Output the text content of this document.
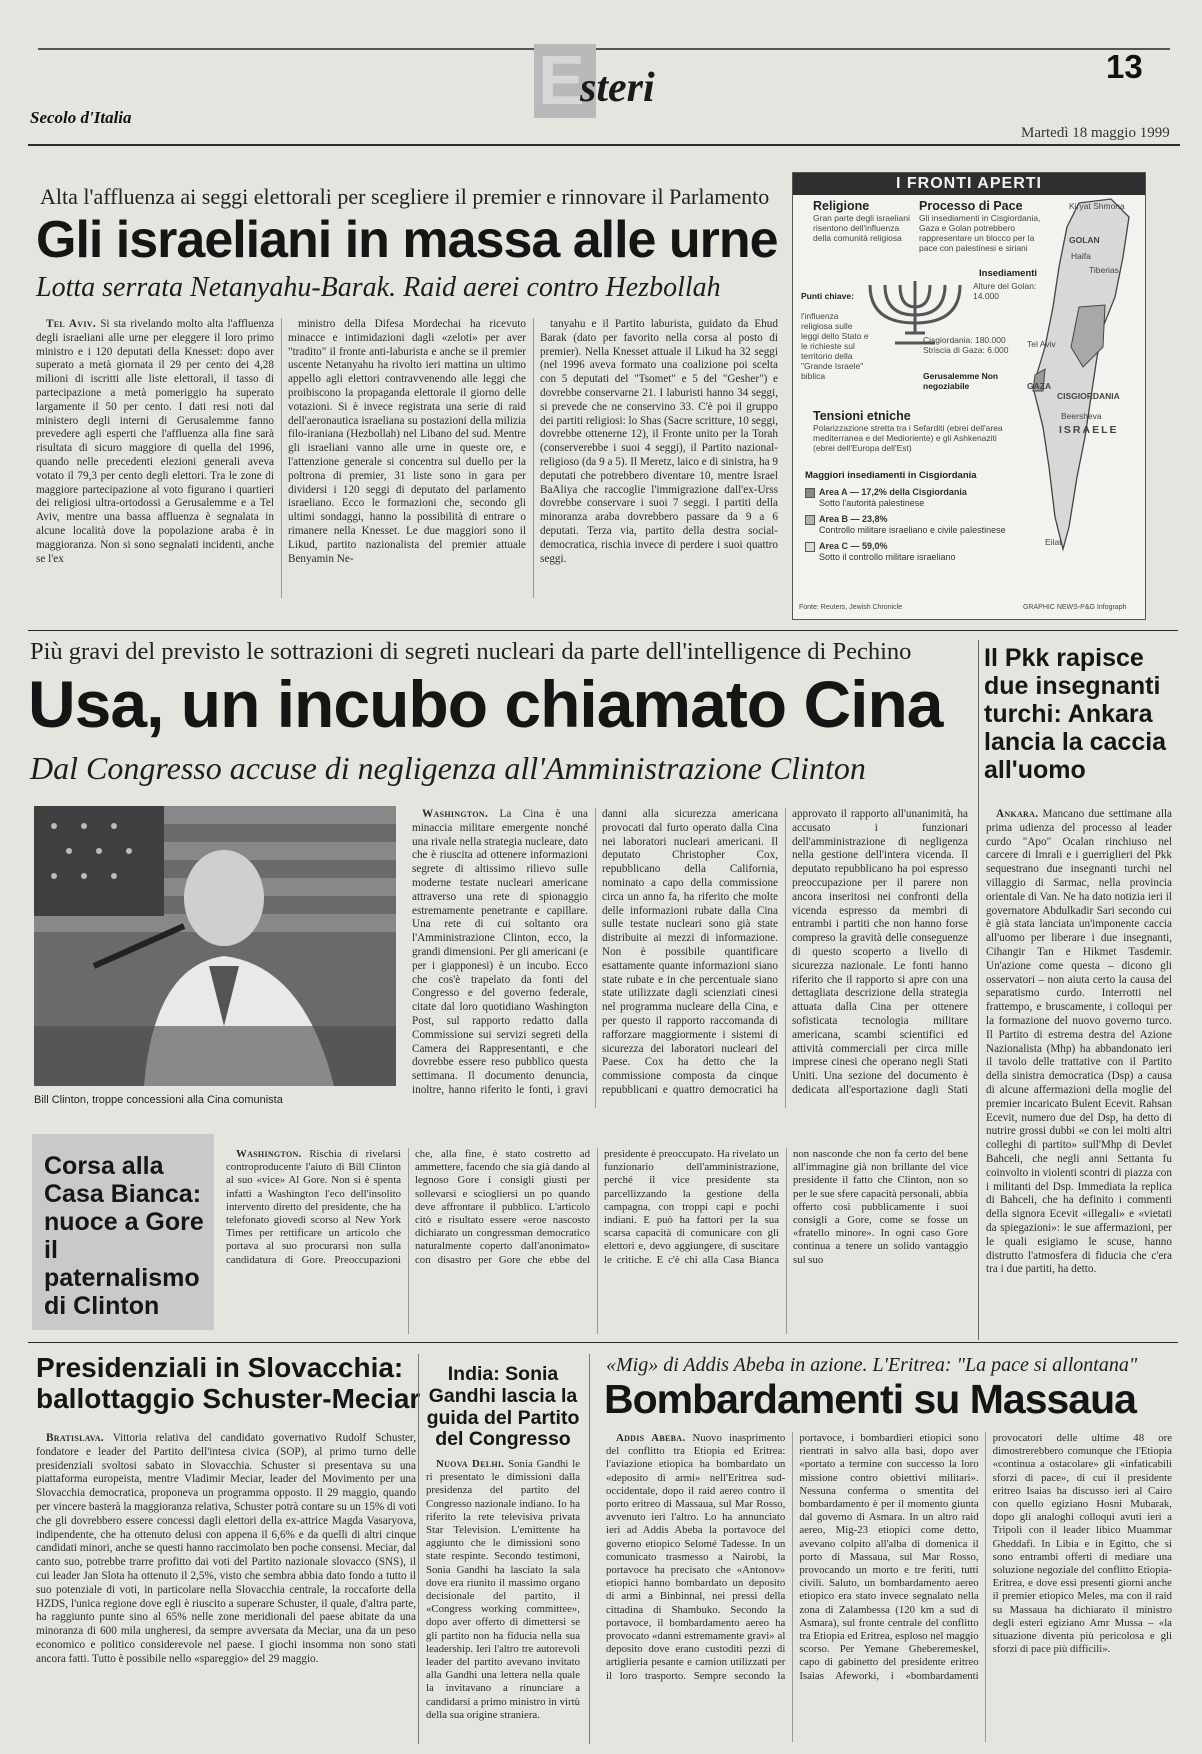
E
steri	13
Secolo d'Italia
Martedì 18 maggio 1999
Alta l'affluenza ai seggi elettorali per scegliere il premier e rinnovare il Parlamento
Gli israeliani in massa alle urne
Lotta serrata Netanyahu-Barak. Raid aerei contro Hezbollah

Tel Aviv. Si sta rivelando molto alta l'affluenza degli israeliani alle urne per eleggere il loro primo ministro e i 120 deputati della Knesset: dopo aver superato a metà giornata il 29 per cento dei 4,28 milioni di iscritti alle liste elettorali, il tasso di partecipazione a metà pomeriggio ha superato largamente il 50 per cento. I dati resi noti dal ministero degli interni di Gerusalemme fanno prevedere agli esperti che l'affluenza alla fine sarà risultata di sicuro maggiore di quella del 1996, quando nelle precedenti elezioni generali aveva votato il 79,3 per cento degli elettori. Tra le zone di maggiore partecipazione al voto figurano i quartieri dei religiosi ultra-ortodossi a Gerusalemme e a Tel Aviv, mentre una bassa affluenza è segnalata in alcune località dove la popolazione araba è in maggioranza. Non si sono segnalati incidenti, anche se l'ex

ministro della Difesa Mordechai ha ricevuto minacce e intimidazioni dagli «zeloti» per aver "tradito" il fronte anti-laburista e anche se il premier uscente Netanyahu ha rivolto ieri mattina un ultimo appello agli elettori contravvenendo alle leggi che proibiscono la propaganda elettorale il giorno delle votazioni. Si è invece registrata una serie di raid dell'aeronautica israeliana su postazioni della milizia filo-iraniana (Hezbollah) nel Libano del sud. Mentre gli israeliani vanno alle urne in queste ore, e l'attenzione generale si concentra sul duello per la poltrona di premier, 31 liste sono in gara per dividersi i 120 seggi di deputato del parlamento israeliano. Ecco le formazioni che, secondo gli ultimi sondaggi, hanno la possibilità di entrare o rimanere nella Knesset. Le due maggiori sono il Likud, partito nazionalista del premier attuale Benyamin Ne-

tanyahu e il Partito laburista, guidato da Ehud Barak (dato per favorito nella corsa al posto di premier). Nella Knesset attuale il Likud ha 32 seggi (nel 1996 aveva formato una coalizione poi scelta con 5 deputati del "Tsomet" e 5 del "Gesher") e dovrebbe conservarne 21. I laburisti hanno 34 seggi, si prevede che ne conservino 33. C'è poi il gruppo dei partiti religiosi: lo Shas (Sacre scritture, 10 seggi, dovrebbe ottenerne 12), il Fronte unito per la Torah (conserverebbe i suoi 4 seggi), il Partito nazional-religioso (da 9 a 5). Il Meretz, laico e di sinistra, ha 9 deputati che potrebbero diventare 10, mentre Israel BaAliya che raccoglie l'immigrazione dall'ex-Urss dovrebbe conservare i suoi 7 seggi. I partiti della minoranza araba dovrebbero passare da 9 a 6 deputati. Terza via, partito della destra social-democratica, rischia invece di perdere i suoi quattro seggi.

I FRONTI APERTI
Religione
Gran parte degli israeliani risentono dell'influenza della comunità religiosa
Processo di Pace
Gli insediamenti in Cisgiordania, Gaza e Golan potrebbero rappresentare un blocco per la pace con palestinesi e siriani
Punti chiave:
l'influenza religiosa sulle leggi dello Stato e le richieste sul territorio della "Grande Israele" biblica
Insediamenti
Alture del Golan: 14.000
Cisgiordania: 180.000 Striscia di Gaza: 6.000
Gerusalemme Non negoziabile
Tensioni etniche
Polarizzazione stretta tra i Sefarditi (ebrei dell'area mediterranea e del Medioriente) e gli Ashkenaziti (ebrei dell'Europa dell'Est)
Kiryat Shmona
GOLAN
Haifa
Tiberias
Tel Aviv
GAZA
CISGIORDANIA
Beersheva
ISRAELE
Eilat
Maggiori insediamenti in Cisgiordania
Area A — 17,2% della Cisgiordania
Sotto l'autorità palestinese
Area B — 23,8%
Controllo militare israeliano e civile palestinese
Area C — 59,0%
Sotto il controllo militare israeliano
Fonte: Reuters, Jewish Chronicle	GRAPHIC NEWS-P&G Infograph
Più gravi del previsto le sottrazioni di segreti nucleari da parte dell'intelligence di Pechino
Usa, un incubo chiamato Cina
Dal Congresso accuse di negligenza all'Amministrazione Clinton
Bill Clinton, troppe concessioni alla Cina comunista

Washington. La Cina è una minaccia militare emergente nonché una rivale nella strategia nucleare, dato che è riuscita ad ottenere informazioni segrete di altissimo rilievo sulle moderne testate nucleari americane attraverso una rete di spionaggio estremamente penetrante e capillare. Una rete di cui soltanto ora l'Amministrazione Clinton, ecco, la grandi dimensioni. Per gli americani (e per i giapponesi) è un incubo. Ecco che cos'è trapelato da fonti del Congresso e del governo federale, citate dal loro quotidiano Washington Post, sul rapporto redatto dalla Commissione sui servizi segreti della Camera dei Rappresentanti, e che dovrebbe essere reso pubblico questa settimana. Il documento denuncia, inoltre, hanno riferito le fonti, i gravi danni alla sicurezza americana provocati dal furto operato dalla Cina nei laboratori nucleari americani. Il deputato Christopher Cox, repubblicano della California, nominato a capo della commissione circa un anno fa, ha riferito che molte delle informazioni rubate dalla Cina sulle testate nucleari sono già state distribuite ai mezzi di informazione. Non è possibile quantificare esattamente quante informazioni siano state rubate e in che percentuale siano state utilizzate dagli scienziati cinesi nel programma nucleare della Cina, e per questo il rapporto raccomanda di rafforzare maggiormente i sistemi di sicurezza dei laboratori nucleari del Paese. Cox ha detto che la commissione composta da cinque repubblicani e quattro democratici ha approvato il rapporto all'unanimità, ha accusato i funzionari dell'amministrazione di negligenza nella gestione dell'intera vicenda. Il deputato repubblicano ha poi espresso preoccupazione per il parere non ancora inseritosi nei confronti della vicenda espresso da membri di entrambi i partiti che non hanno forse compreso la gravità delle conseguenze di questo scoperto a livello di sicurezza nazionale. Le fonti hanno riferito che il rapporto si apre con una dettagliata descrizione della strategia attuata dalla Cina per ottenere sofisticata tecnologia militare americana, scambi scientifici ed attività commerciali per circa mille imprese cinesi che operano negli Stati Uniti. Una sezione del documento è dedicata all'esportazione dagli Stati

Il Pkk rapisce due insegnanti turchi: Ankara lancia la caccia all'uomo

Ankara. Mancano due settimane alla prima udienza del processo al leader curdo "Apo" Ocalan rinchiuso nel carcere di Imrali e i guerriglieri del Pkk sequestrano due insegnanti turchi nel villaggio di Sarmac, nella provincia orientale di Van. Ne ha dato notizia ieri il governatore Abdulkadir Sari secondo cui è già stata lanciata un'imponente caccia all'uomo per liberare i due insegnanti, Cihangir Tan e Hikmet Tasdemir. Un'azione come questa – dicono gli osservatori – non aiuta certo la causa del separatismo curdo. Interrotti nel frattempo, e bruscamente, i colloqui per la formazione del nuovo governo turco. Il Partito di estrema destra del Azione Nazionalista (Mhp) ha abbandonato ieri il tavolo delle trattative con il Partito della sinistra democratica (Dsp) a causa di alcune affermazioni della moglie del premier incaricato Bulent Ecevit. Rahsan Ecevit, numero due del Dsp, ha detto di nutrire grossi dubbi «e con lei molti altri colleghi di partito» sull'Mhp di Devlet Bahceli, che negli anni Settanta fu coinvolto in violenti scontri di piazza con i militanti del Dsp. Immediata la replica di Bahceli, che ha definito i commenti della signora Ecevit «illegali» e «vietati da spiegazioni»: le sue affermazioni, per le quali esigiamo le scuse, hanno distrutto l'atmosfera di fiducia che c'era tra i due partiti, ha detto.

Corsa alla Casa Bianca: nuoce a Gore il paternalismo di Clinton

Washington. Rischia di rivelarsi controproducente l'aiuto di Bill Clinton al suo «vice» Al Gore. Non si è spenta infatti a Washington l'eco dell'insolito intervento diretto del presidente, che ha telefonato giovedì scorso al New York Times per rettificare un articolo che portava al suo procurarsi non sulla candidatura di Gore. Preoccupazioni che, alla fine, è stato costretto ad ammettere, facendo che sia già dando al legnoso Gore i consigli giusti per sollevarsi e sciogliersi un po quando deve affrontare il pubblico. L'articolo citò e risultato essere «eroe nascosto dichiarato un congressman democratico naturalmente coperto dall'anonimato» con disastro per Gore che ebbe del presidente è preoccupato. Ha rivelato un funzionario dell'amministrazione, perché il vice presidente sta parcellizzando la gestione della campagna, con troppi capi e pochi indiani. E può ha fattori per la sua scarsa capacità di comunicare con gli elettori e, devo aggiungere, di suscitare le critiche. E c'è chi alla Casa Bianca non nasconde che non fa certo del bene all'immagine già non brillante del vice presidente il fatto che Clinton, non so per le sue sfere capacità personali, abbia offerto così pubblicamente i suoi consigli a Gore, come se fosse un «fratello minore». In ogni caso Gore continua a tenere un solido vantaggio sul suo

Presidenziali in Slovacchia: ballottaggio Schuster-Meciar

Bratislava. Vittoria relativa del candidato governativo Rudolf Schuster, fondatore e leader del Partito dell'intesa civica (SOP), al primo turno delle presidenziali svoltosi sabato in Slovacchia. Schuster si presentava su una piattaforma europeista, mentre Vladimir Meciar, leader del Movimento per una Slovacchia democratica, proponeva un programma opposto. Il 29 maggio, quando per vincere basterà la maggioranza relativa, Schuster potrà contare su un 15% di voti che gli dovrebbero essere concessi dagli elettori della ex-attrice Magda Vasaryova, indipendente, che ha ottenuto delusi con appena il 6,6% e da quelli di altri cinque candidati minori, anche se questi hanno raccimolato ben poche consensi. Meciar, dal canto suo, potrebbe trarre profitto dai voti del Partito nazionale slovacco (SNS), il cui leader Jan Slota ha ottenuto il 2,5%, visto che sembra abbia dato fondo a tutto il suo potenziale di voti, in particolare nella Slovacchia centrale, la roccaforte della HZDS, l'unica regione dove egli è riuscito a superare Schuster, il quale, d'altra parte, ha raggiunto punte sino al 65% nelle zone meridionali del paese abitate da una minoranza di 600 mila ungheresi, da sempre avversata da Meciar, una da un peso economico e politico considerevole nel paese. I giochi insomma non sono stati ancora fatti. Tutto è possibile nello «spareggio» del 29 maggio.

India: Sonia Gandhi lascia la guida del Partito del Congresso

Nuova Delhi. Sonia Gandhi le ri presentato le dimissioni dalla presidenza del partito del Congresso nazionale indiano. Io ha riferito la rete televisiva privata Star Television. L'emittente ha aggiunto che le dimissioni sono state respinte. Secondo testimoni, Sonia Gandhi ha lasciato la sala dove era riunito il massimo organo decisionale del partito, il «Congress working committee», dopo aver offerto di dimettersi se gli partito non ha fiducia nella sua leadership. Ieri l'altro tre autorevoli leader del partito avevano invitato alla Gandhi una lettera nella quale la invitavano a rinunciare a candidarsi a primo ministro in virtù della sua origine straniera.

«Mig» di Addis Abeba in azione. L'Eritrea: "La pace si allontana"
Bombardamenti su Massaua

Addis Abeba. Nuovo inasprimento del conflitto tra Etiopia ed Eritrea: l'aviazione etiopica ha bombardato un «deposito di armi» nell'Eritrea sud-occidentale, dopo il raid aereo contro il porto eritreo di Massaua, sul Mar Rosso, avvenuto ieri l'altro. Lo ha annunciato ieri ad Addis Abeba la portavoce del governo etiopico Selomé Tadesse. In un comunicato trasmesso a Nairobi, la portavoce ha precisato che «Antonov» etiopici hanno bombardato un deposito di armi a Binbinnal, nei pressi della cittadina di Shambuko. Secondo la portavoce, il bombardamento aereo ha provocato «danni estremamente gravi» al deposito dove erano custoditi pezzi di artiglieria pesante e camion utilizzati per il loro trasporto. Sempre secondo la portavoce, i bombardieri etiopici sono rientrati in salvo alla basi, dopo aver «portato a termine con successo la loro missione contro obiettivi militari». Nessuna conferma o smentita del bombardamento è per il momento giunta dal governo di Asmara. In un altro raid aereo, Mig-23 etiopici come detto, avevano colpito all'alba di domenica il porto di Massaua, sul Mar Rosso, provocando un morto e tre feriti, tutti civili. Saluto, un bombardamento aereo etiopico era stato invece segnalato nella zona di Zalambessa (120 km a sud di Asmara), sul fronte centrale del conflitto tra Etiopia ed Eritrea, esploso nel maggio scorso. Per Yemane Gheberemeskel, capo di gabinetto del presidente eritreo Isaias Afeworki, i «bombardamenti provocatori delle ultime 48 ore dimostrerebbero comunque che l'Etiopia «continua a ostacolare» gli «infaticabili sforzi di pace», di cui il presidente eritreo Isaias ha discusso ieri al Cairo con quello egiziano Hosni Mubarak, dopo gli analoghi colloqui avuti ieri a Tripoli con il leader libico Muammar Gheddafi. In Libia e in Egitto, che si sono entrambi offerti di mediare una soluzione negoziale del conflitto Etiopia-Eritrea, e dove essi presenti giorni anche il premier etiopico Meles, ma con il raid su Massaua ha dichiarato il ministro degli esteri egiziano Amr Mussa – «la situazione diventa più pericolosa e gli sforzi di pace più difficili».
